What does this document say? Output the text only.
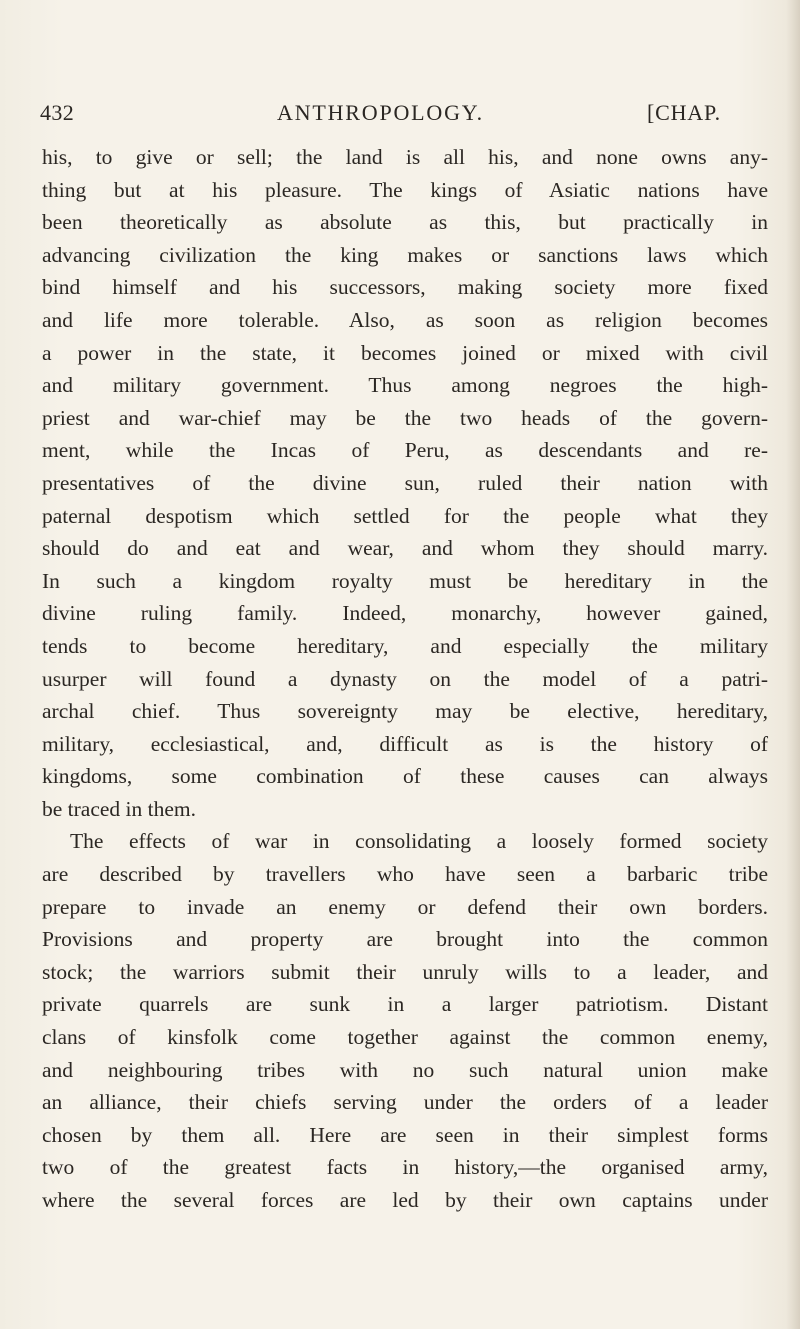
432	ANTHROPOLOGY.	[CHAP.
his, to give or sell; the land is all his, and none owns any-
thing but at his pleasure. The kings of Asiatic nations have
been theoretically as absolute as this, but practically in
advancing civilization the king makes or sanctions laws which
bind himself and his successors, making society more fixed
and life more tolerable. Also, as soon as religion becomes
a power in the state, it becomes joined or mixed with civil
and military government. Thus among negroes the high-
priest and war-chief may be the two heads of the govern-
ment, while the Incas of Peru, as descendants and re-
presentatives of the divine sun, ruled their nation with
paternal despotism which settled for the people what they
should do and eat and wear, and whom they should marry.
In such a kingdom royalty must be hereditary in the
divine ruling family. Indeed, monarchy, however gained,
tends to become hereditary, and especially the military
usurper will found a dynasty on the model of a patri-
archal chief. Thus sovereignty may be elective, hereditary,
military, ecclesiastical, and, difficult as is the history of
kingdoms, some combination of these causes can always
be traced in them.
The effects of war in consolidating a loosely formed society
are described by travellers who have seen a barbaric tribe
prepare to invade an enemy or defend their own borders.
Provisions and property are brought into the common
stock; the warriors submit their unruly wills to a leader, and
private quarrels are sunk in a larger patriotism. Distant
clans of kinsfolk come together against the common enemy,
and neighbouring tribes with no such natural union make
an alliance, their chiefs serving under the orders of a leader
chosen by them all. Here are seen in their simplest forms
two of the greatest facts in history,—the organised army,
where the several forces are led by their own captains under
